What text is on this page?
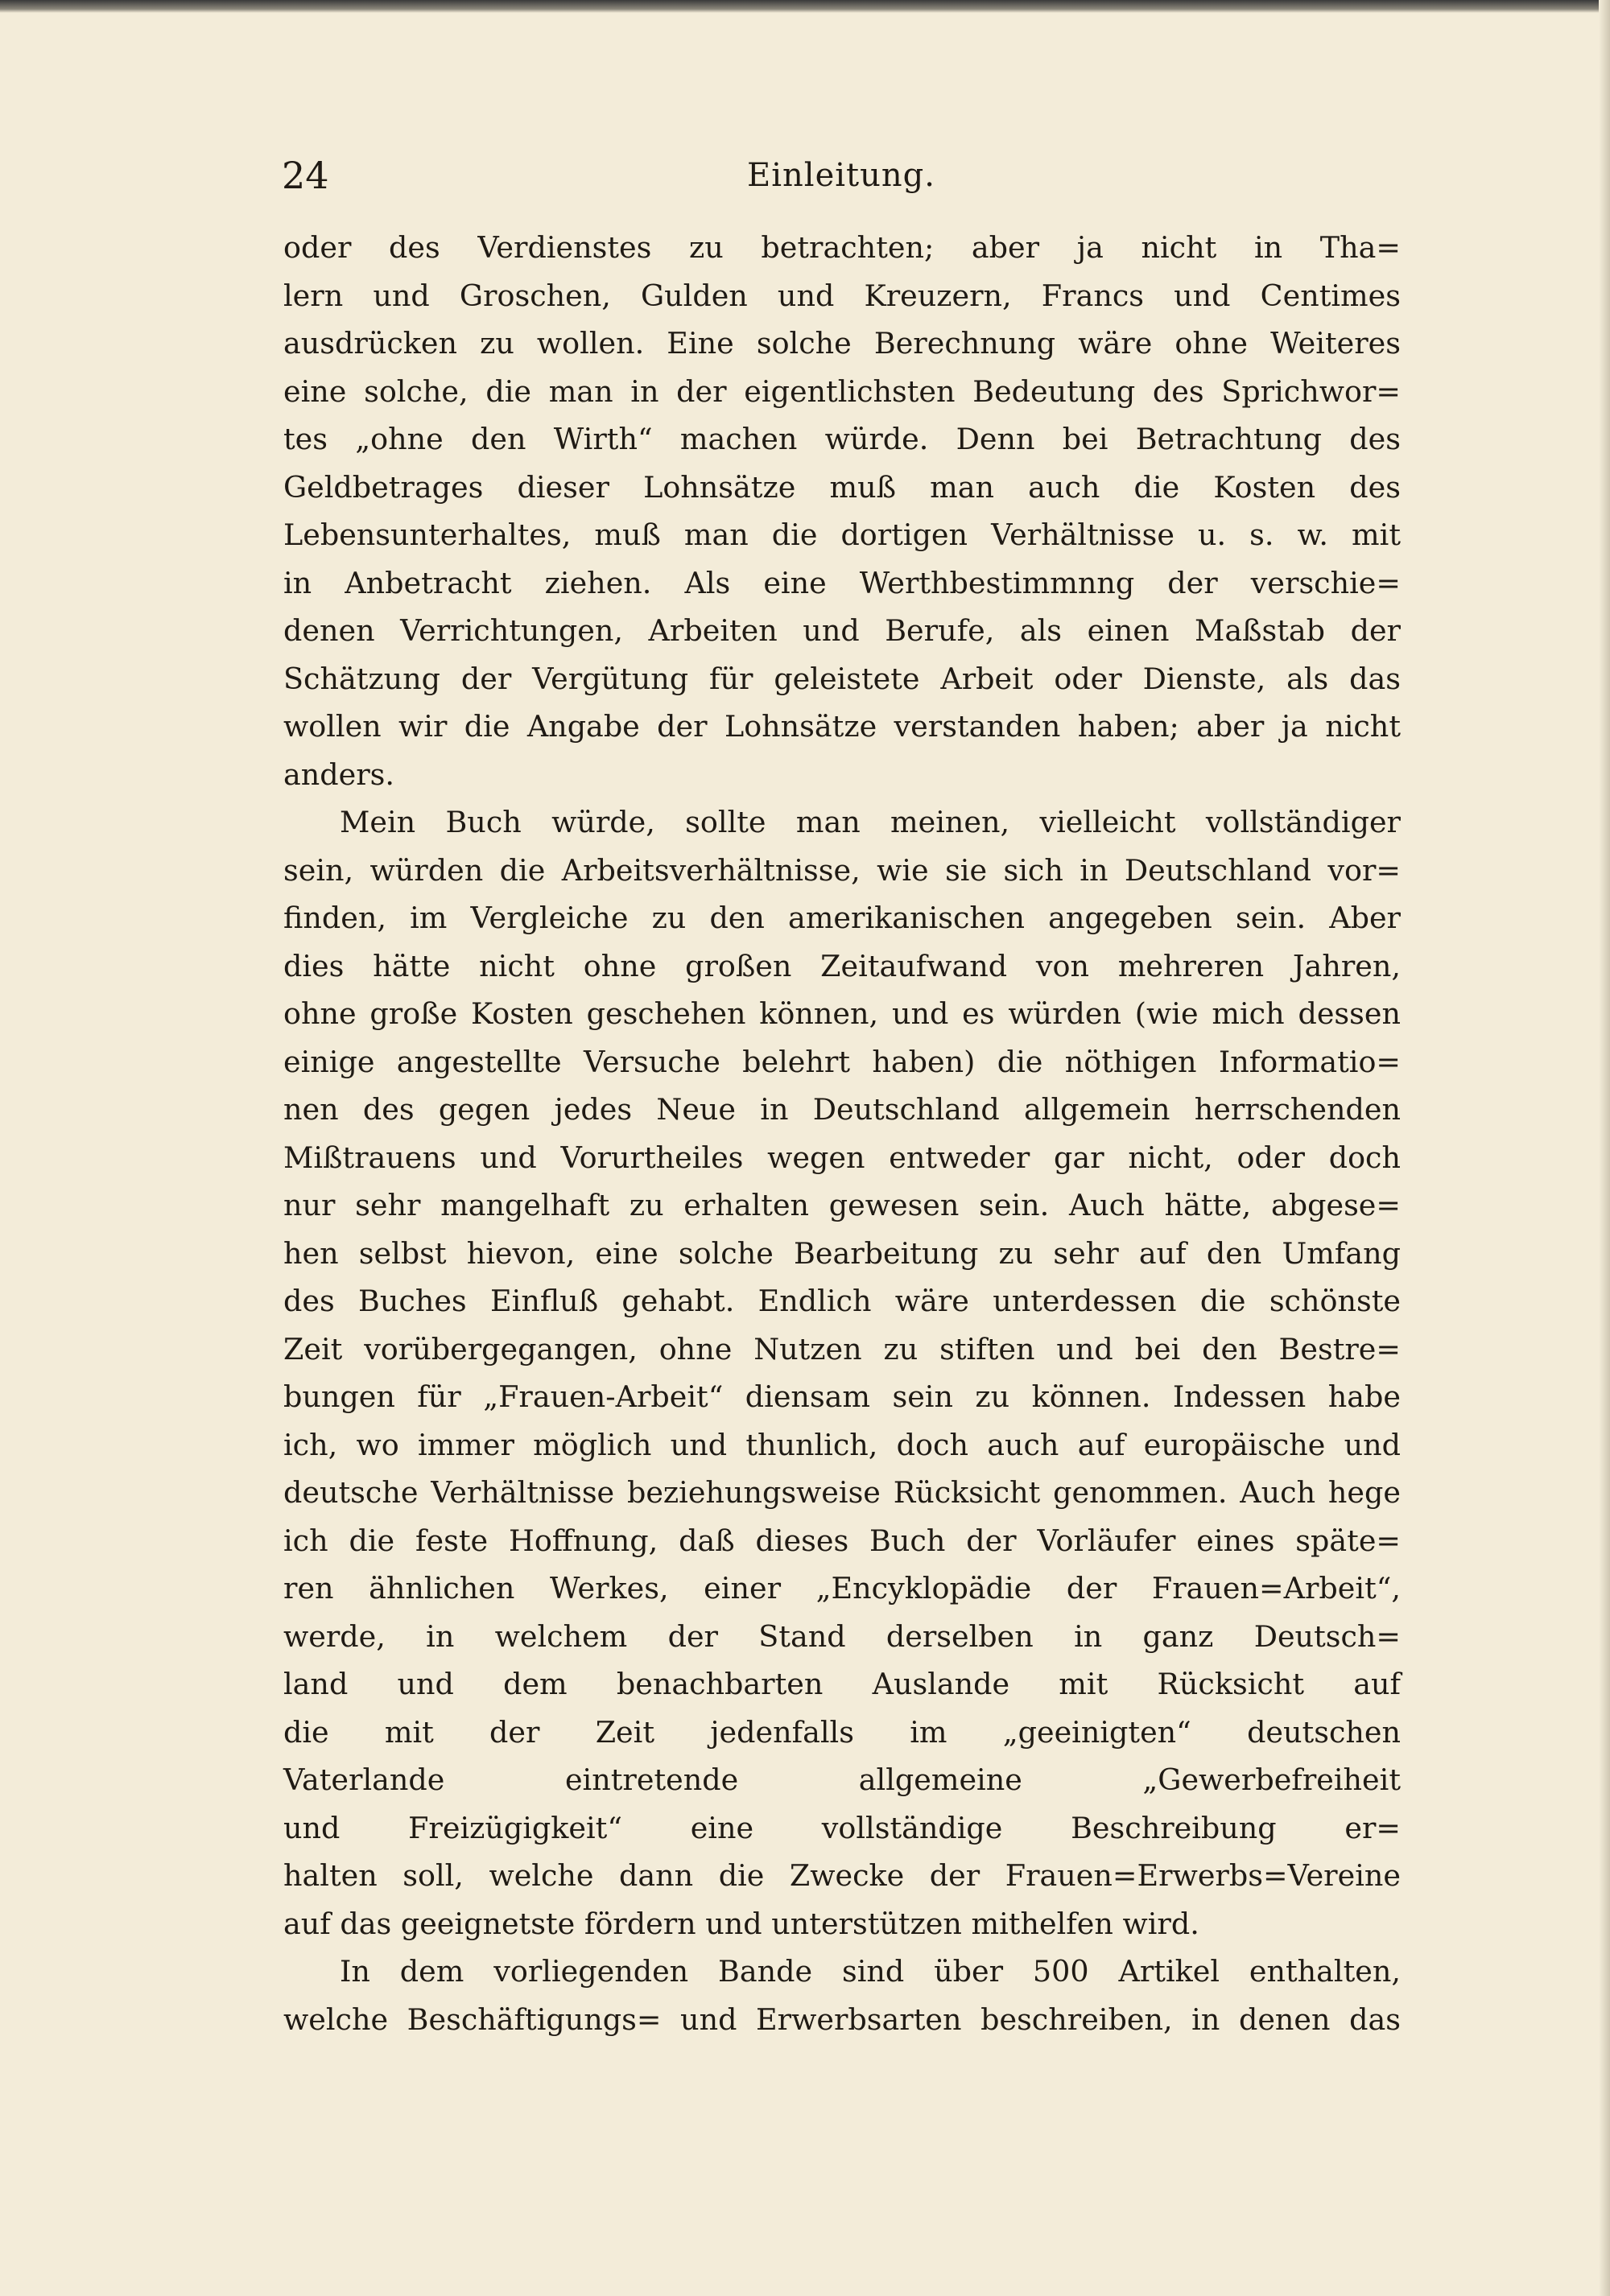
24	Einleitung.
oder des Verdienstes zu betrachten; aber ja nicht in Tha=
lern und Groschen, Gulden und Kreuzern, Francs und Centimes
ausdrücken zu wollen. Eine solche Berechnung wäre ohne Weiteres
eine solche, die man in der eigentlichsten Bedeutung des Sprichwor=
tes „ohne den Wirth“ machen würde. Denn bei Betrachtung des
Geldbetrages dieser Lohnsätze muß man auch die Kosten des
Lebensunterhaltes, muß man die dortigen Verhältnisse u. s. w. mit
in Anbetracht ziehen. Als eine Werthbestimmnng der verschie=
denen Verrichtungen, Arbeiten und Berufe, als einen Maßstab der
Schätzung der Vergütung für geleistete Arbeit oder Dienste, als das
wollen wir die Angabe der Lohnsätze verstanden haben; aber ja nicht
anders.
Mein Buch würde, sollte man meinen, vielleicht vollständiger
sein, würden die Arbeitsverhältnisse, wie sie sich in Deutschland vor=
finden, im Vergleiche zu den amerikanischen angegeben sein. Aber
dies hätte nicht ohne großen Zeitaufwand von mehreren Jahren,
ohne große Kosten geschehen können, und es würden (wie mich dessen
einige angestellte Versuche belehrt haben) die nöthigen Informatio=
nen des gegen jedes Neue in Deutschland allgemein herrschenden
Mißtrauens und Vorurtheiles wegen entweder gar nicht, oder doch
nur sehr mangelhaft zu erhalten gewesen sein. Auch hätte, abgese=
hen selbst hievon, eine solche Bearbeitung zu sehr auf den Umfang
des Buches Einfluß gehabt. Endlich wäre unterdessen die schönste
Zeit vorübergegangen, ohne Nutzen zu stiften und bei den Bestre=
bungen für „Frauen-Arbeit“ diensam sein zu können. Indessen habe
ich, wo immer möglich und thunlich, doch auch auf europäische und
deutsche Verhältnisse beziehungsweise Rücksicht genommen. Auch hege
ich die feste Hoffnung, daß dieses Buch der Vorläufer eines späte=
ren ähnlichen Werkes, einer „Encyklopädie der Frauen=Arbeit“,
werde, in welchem der Stand derselben in ganz Deutsch=
land und dem benachbarten Auslande mit Rücksicht auf
die mit der Zeit jedenfalls im „geeinigten“ deutschen
Vaterlande eintretende allgemeine „Gewerbefreiheit
und Freizügigkeit“ eine vollständige Beschreibung er=
halten soll, welche dann die Zwecke der Frauen=Erwerbs=Vereine
auf das geeignetste fördern und unterstützen mithelfen wird.
In dem vorliegenden Bande sind über 500 Artikel enthalten,
welche Beschäftigungs= und Erwerbsarten beschreiben, in denen das
